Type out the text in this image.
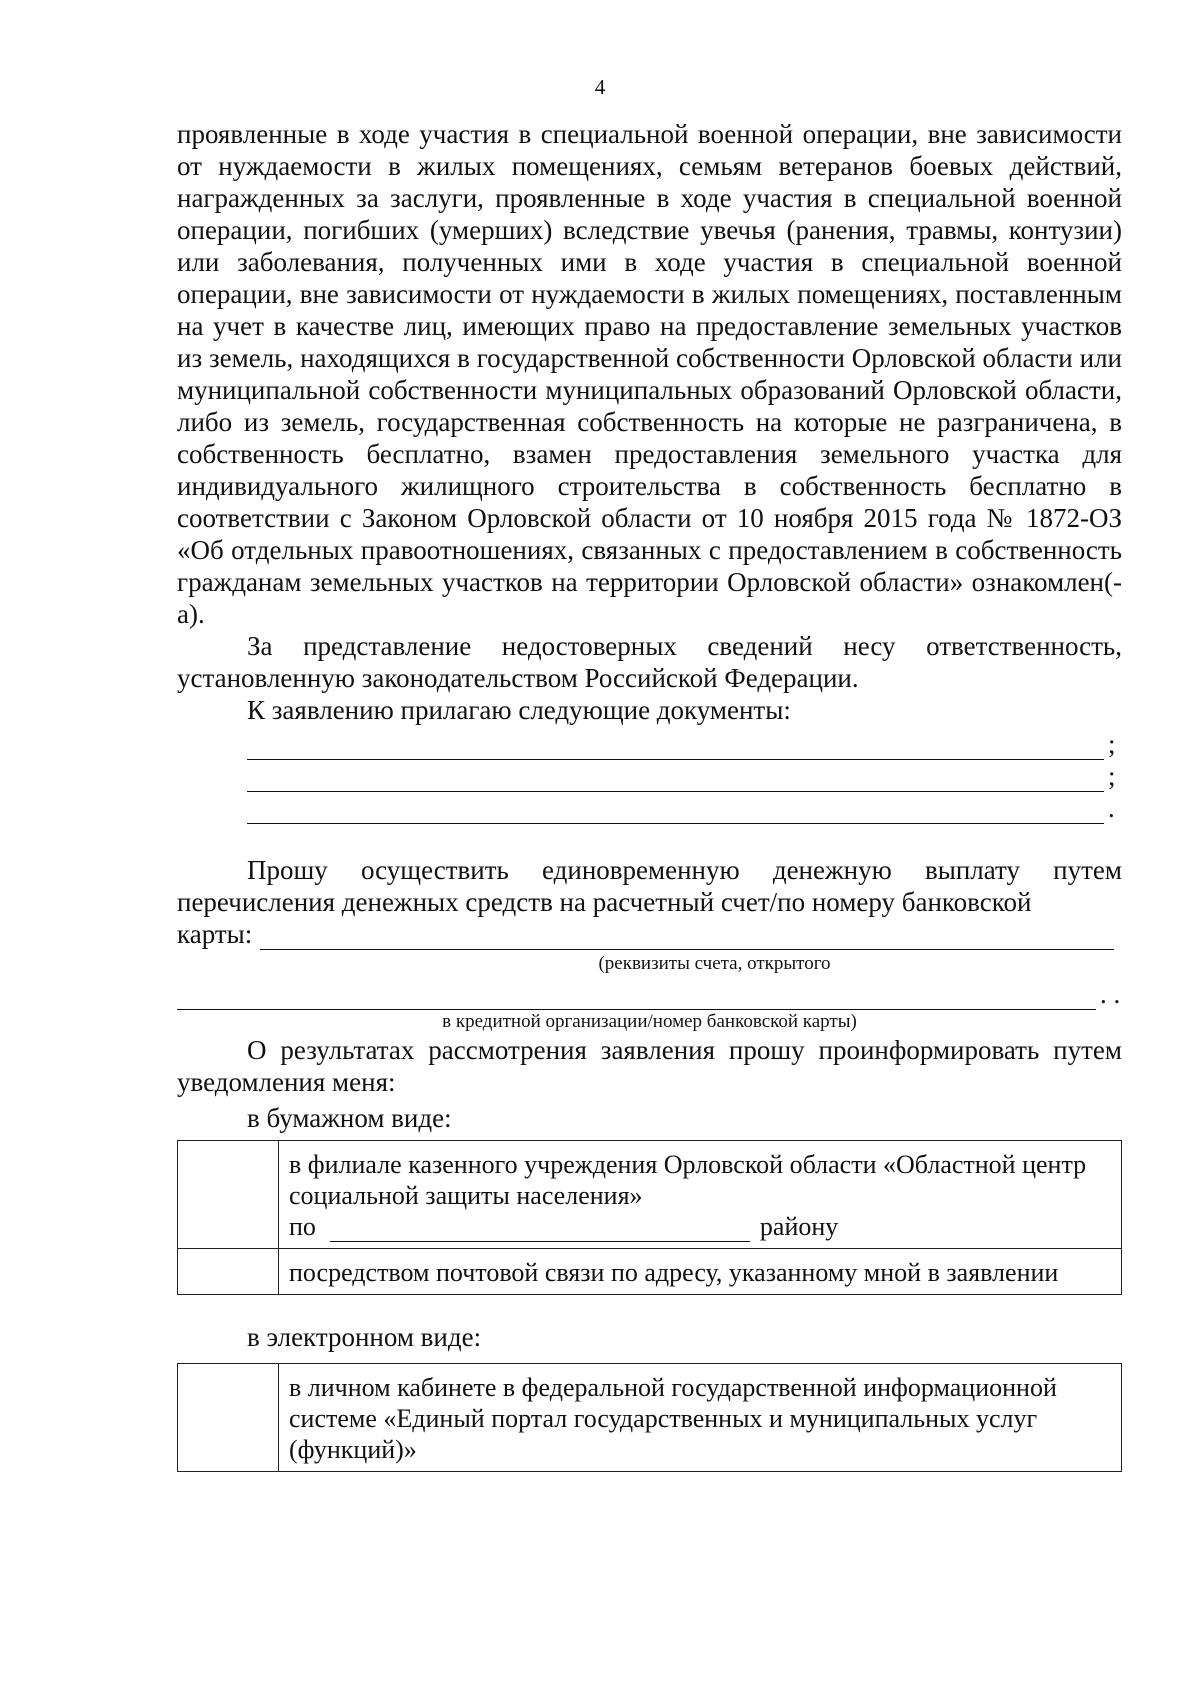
4

проявленные в ходе участия в специальной военной операции, вне зависимости от нуждаемости в жилых помещениях, семьям ветеранов боевых действий, награжденных за заслуги, проявленные в ходе участия в специальной военной операции, погибших (умерших) вследствие увечья (ранения, травмы, контузии) или заболевания, полученных ими в ходе участия в специальной военной операции, вне зависимости от нуждаемости в жилых помещениях, поставленным на учет в качестве лиц, имеющих право на предоставление земельных участков из земель, находящихся в государственной собственности Орловской области или муниципальной собственности муниципальных образований Орловской области, либо из земель, государственная собственность на которые не разграничена, в собственность бесплатно, взамен предоставления земельного участка для индивидуального жилищного строительства в собственность бесплатно в соответствии с Законом Орловской области от 10 ноября 2015 года № 1872-ОЗ «Об отдельных правоотношениях, связанных с предоставлением в собственность гражданам земельных участков на территории Орловской области» ознакомлен(-а).

За представление недостоверных сведений несу ответственность, установленную законодательством Российской Федерации.

К заявлению прилагаю следующие документы:

;
;
.

Прошу осуществить единовременную денежную выплату путем перечисления денежных средств на расчетный счет/по номеру банковской

карты:
(реквизиты счета, открытого
. .
в кредитной организации/номер банковской карты)

О результатах рассмотрения заявления прошу проинформировать путем уведомления меня:

в бумажном виде:

	в филиале казенного учреждения Орловской области «Областной центр социальной защиты населения»
по району

	посредством почтовой связи по адресу, указанному мной в заявлении

в электронном виде:

	в личном кабинете в федеральной государственной информационной системе «Единый портал государственных и муниципальных услуг (функций)»
